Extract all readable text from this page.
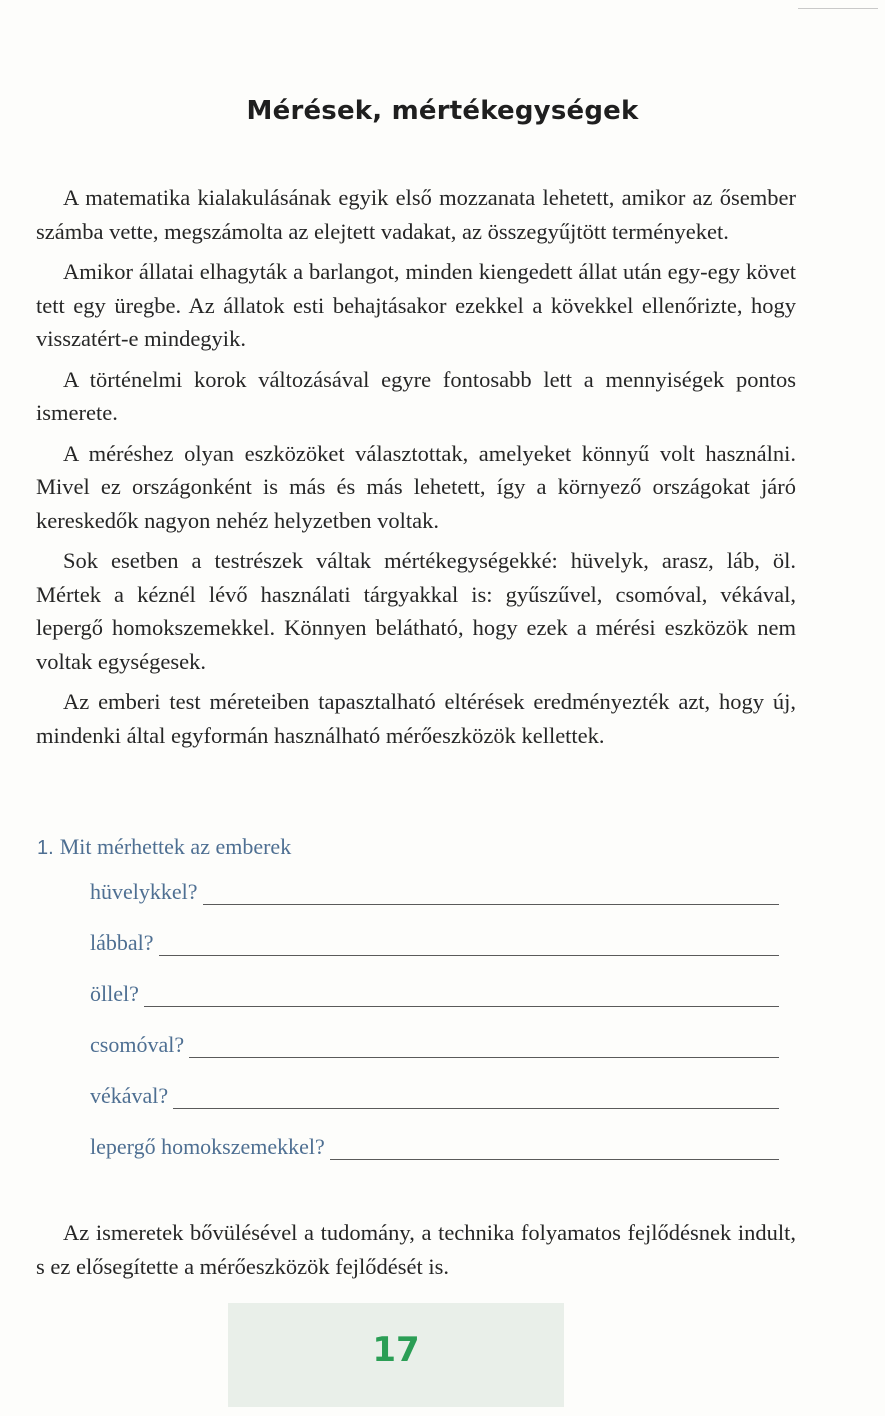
Mérések, mértékegységek

A matematika kialakulásának egyik első mozzanata lehetett, amikor az ősember számba vette, megszámolta az elejtett vadakat, az összegyűjtött terményeket.

Amikor állatai elhagyták a barlangot, minden kiengedett állat után egy-egy követ tett egy üregbe. Az állatok esti behajtásakor ezekkel a kövekkel ellenőrizte, hogy visszatért-e mindegyik.

A történelmi korok változásával egyre fontosabb lett a mennyiségek pontos ismerete.

A méréshez olyan eszközöket választottak, amelyeket könnyű volt használni. Mivel ez országonként is más és más lehetett, így a környező országokat járó kereskedők nagyon nehéz helyzetben voltak.

Sok esetben a testrészek váltak mértékegységekké: hüvelyk, arasz, láb, öl. Mértek a kéznél lévő használati tárgyakkal is: gyűszűvel, csomóval, vékával, lepergő homokszemekkel. Könnyen belátható, hogy ezek a mérési eszközök nem voltak egységesek.

Az emberi test méreteiben tapasztalható eltérések eredményezték azt, hogy új, mindenki által egyformán használható mérőeszközök kellettek.

1. Mit mérhettek az emberek
hüvelykkel?
lábbal?
öllel?
csomóval?
vékával?
lepergő homokszemekkel?

Az ismeretek bővülésével a tudomány, a technika folyamatos fejlődésnek indult, s ez elősegítette a mérőeszközök fejlődését is.

17
